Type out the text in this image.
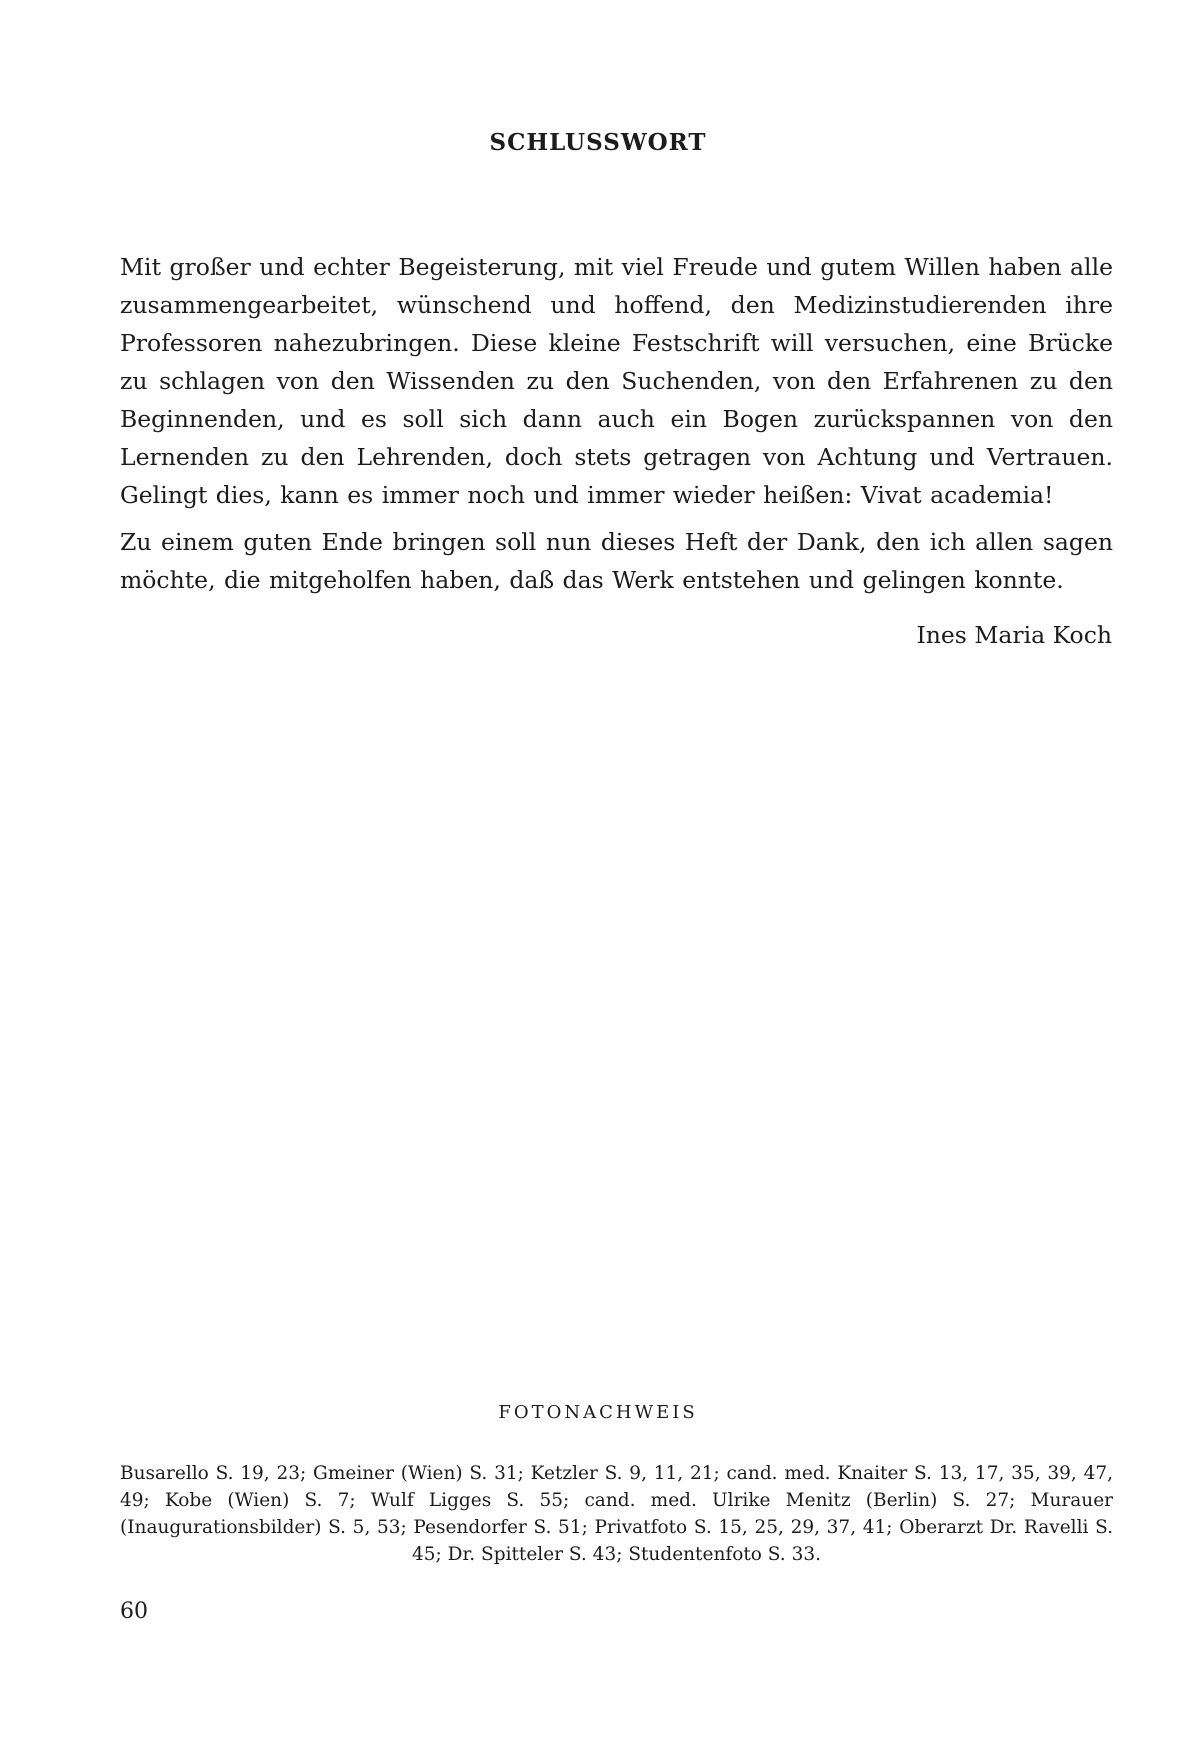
SCHLUSSWORT

Mit großer und echter Begeisterung, mit viel Freude und gutem Willen haben alle zusammengearbeitet, wünschend und hoffend, den Medizinstudierenden ihre Professoren nahezubringen. Diese kleine Festschrift will versuchen, eine Brücke zu schlagen von den Wissenden zu den Suchenden, von den Erfahrenen zu den Beginnenden, und es soll sich dann auch ein Bogen zurückspannen von den Lernenden zu den Lehrenden, doch stets getragen von Achtung und Vertrauen. Gelingt dies, kann es immer noch und immer wieder heißen: Vivat academia!

Zu einem guten Ende bringen soll nun dieses Heft der Dank, den ich allen sagen möchte, die mitgeholfen haben, daß das Werk entstehen und gelingen konnte.

Ines Maria Koch
FOTONACHWEIS
Busarello S. 19, 23; Gmeiner (Wien) S. 31; Ketzler S. 9, 11, 21; cand. med. Knaiter S. 13, 17, 35, 39, 47, 49; Kobe (Wien) S. 7; Wulf Ligges S. 55; cand. med. Ulrike Menitz (Berlin) S. 27; Murauer (Inaugurationsbilder) S. 5, 53; Pesendorfer S. 51; Privatfoto S. 15, 25, 29, 37, 41; Oberarzt Dr. Ravelli S. 45; Dr. Spitteler S. 43; Studentenfoto S. 33.
60
